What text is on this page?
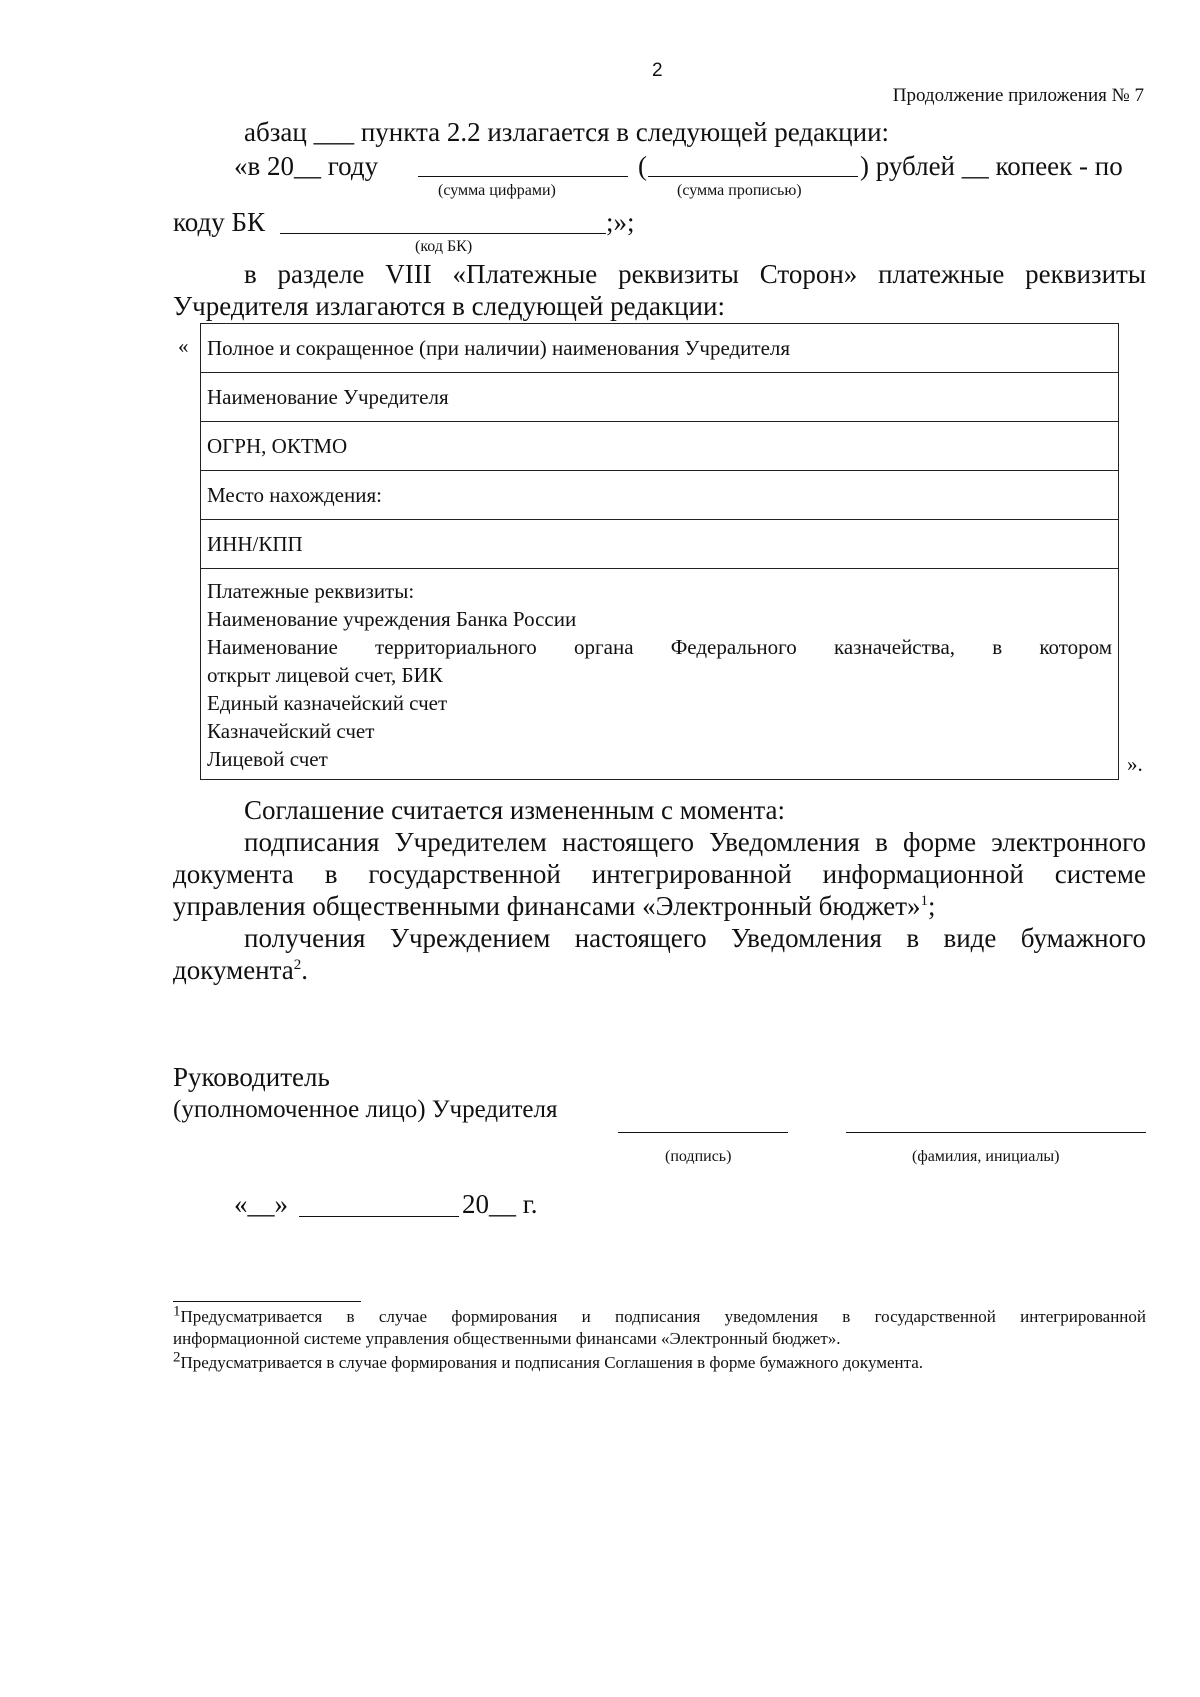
2
Продолжение приложения № 7
абзац ___ пункта 2.2 излагается в следующей редакции:
«в 20__ году	(	) рублей __ копеек - по
(сумма цифрами)	(сумма прописью)
коду БК	;»;
(код БК)
в разделе VIII «Платежные реквизиты Сторон» платежные реквизиты
Учредителя излагаются в следующей редакции:
« Полное и сокращенное (при наличии) наименования Учредителя
Наименование Учредителя
ОГРН, ОКТМО
Место нахождения:
ИНН/КПП

Платежные реквизиты:
Наименование учреждения Банка России
Наименование территориального органа Федерального казначейства, в котором
открыт лицевой счет, БИК
Единый казначейский счет
Казначейский счет
Лицевой счет	».
Соглашение считается измененным с момента:
подписания Учредителем настоящего Уведомления в форме электронного
документа в государственной интегрированной информационной системе
управления общественными финансами «Электронный бюджет»$^1$;
получения Учреждением настоящего Уведомления в виде бумажного
документа$^2$.
Руководитель
(уполномоченное лицо) Учредителя
(подпись)	(фамилия, инициалы)
«__»	20__ г.
$^1$Предусматривается в случае формирования и подписания уведомления в государственной интегрированной
информационной системе управления общественными финансами «Электронный бюджет».
$^2$Предусматривается в случае формирования и подписания Соглашения в форме бумажного документа.
